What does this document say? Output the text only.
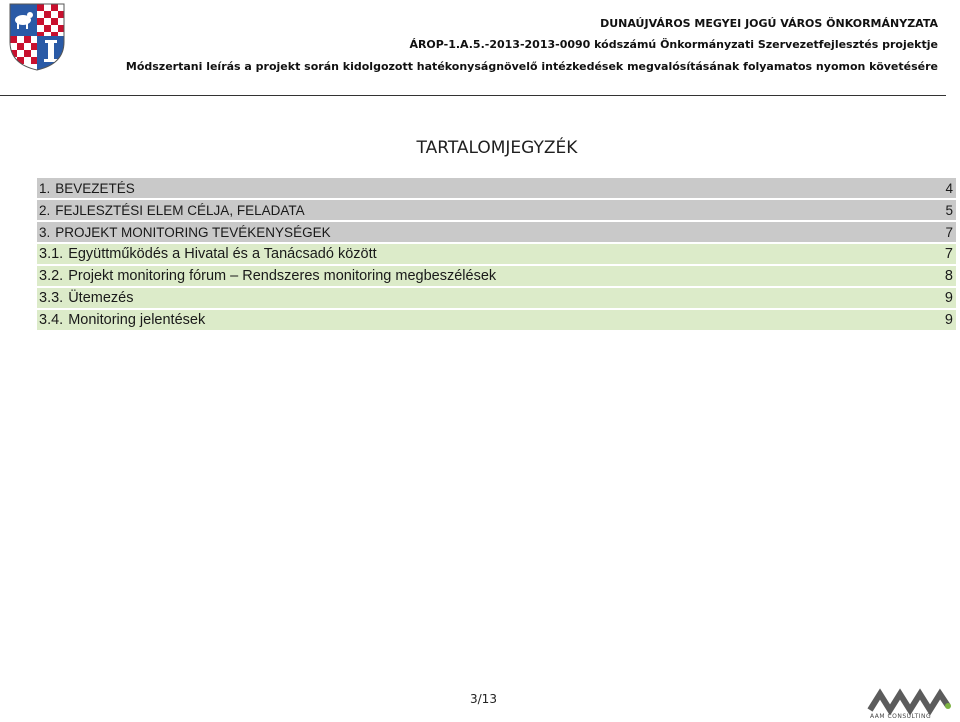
DUNAÚJVÁROS MEGYEI JOGÚ VÁROS ÖNKORMÁNYZATA
ÁROP-1.A.5.-2013-2013-0090 kódszámú Önkormányzati Szervezetfejlesztés projektje
Módszertani leírás a projekt során kidolgozott hatékonyságnövelő intézkedések megvalósításának folyamatos nyomon követésére
TARTALOMJEGYZÉK
1. BEVEZETÉS	4
2. FEJLESZTÉSI ELEM CÉLJA, FELADATA	5
3. PROJEKT MONITORING TEVÉKENYSÉGEK	7
3.1. Együttműködés a Hivatal és a Tanácsadó között	7
3.2. Projekt monitoring fórum – Rendszeres monitoring megbeszélések	8
3.3. Ütemezés	9
3.4. Monitoring jelentések	9
3/13
AAM CONSULTING
